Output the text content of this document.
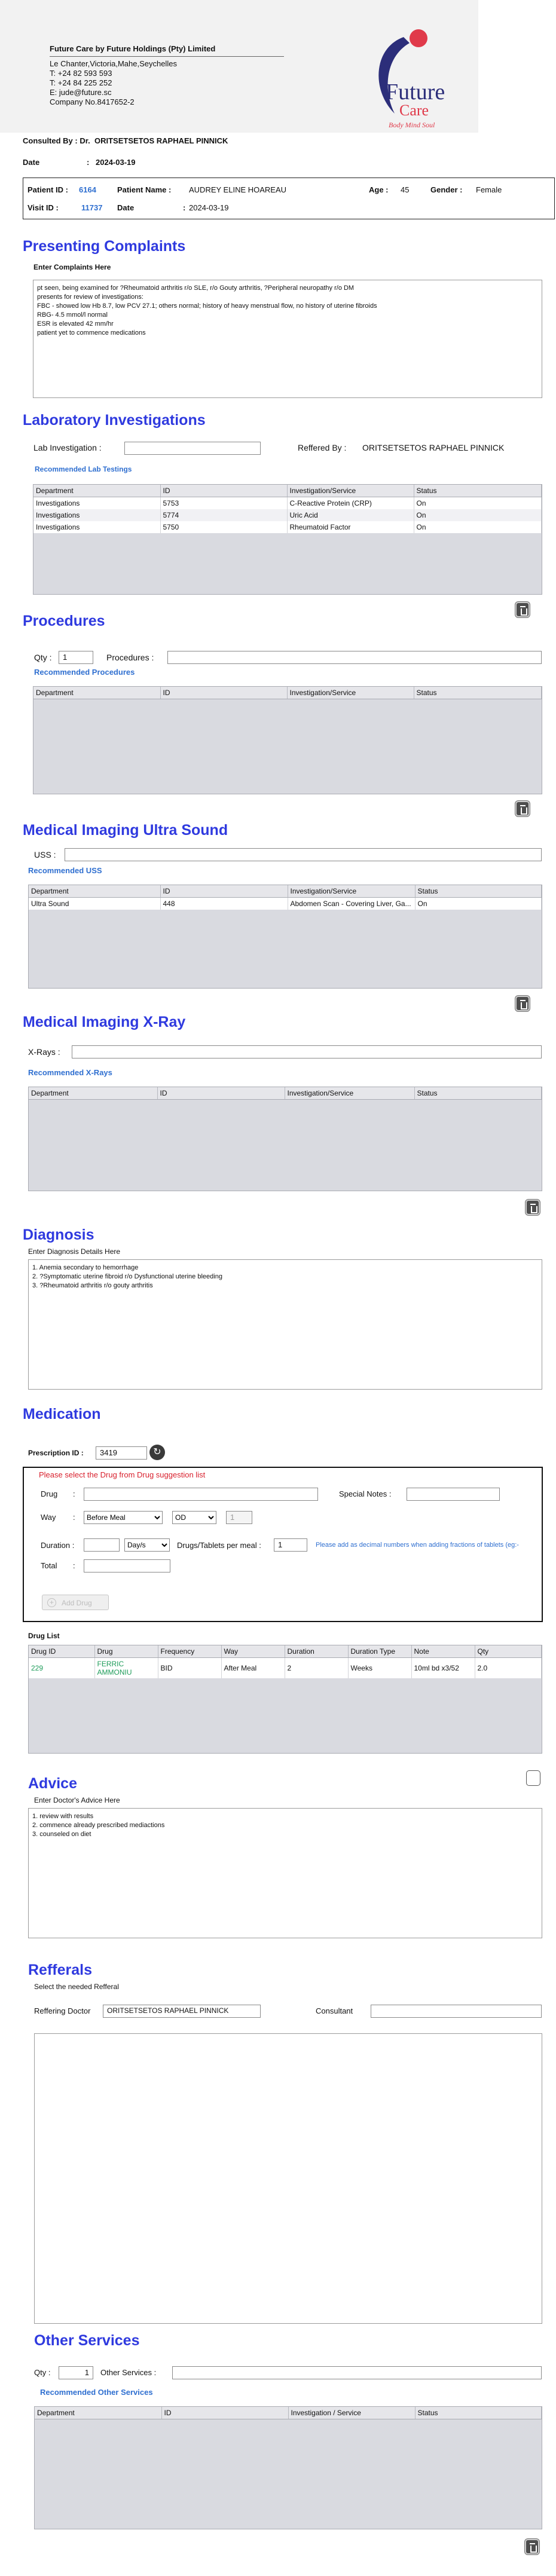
Future Care by Future Holdings (Pty) Limited
Le Chanter,Victoria,Mahe,Seychelles
T: +24 82 593 593
T: +24 84 225 252
E: jude@future.sc
Company No.8417652-2	Future
Care
Body Mind Soul
Consulted By : Dr. ORITSETSETOS RAPHAEL PINNICK
Date	: 2024-03-19
Patient ID : 6164	Patient Name : AUDREY ELINE HOAREAU	Age : 45	Gender : Female
Visit ID :	11737 Date	: 2024-03-19
Presenting Complaints
Enter Complaints Here
pt seen, being examined for ?Rheumatoid arthritis r/o SLE, r/o Gouty arthritis, ?Peripheral neuropathy r/o DM
presents for review of investigations:
FBC - showed low Hb 8.7, low PCV 27.1; others normal; history of heavy menstrual flow, no history of uterine fibroids
RBG- 4.5 mmol/l normal
ESR is elevated 42 mm/hr
patient yet to commence medications
Laboratory Investigations
Lab Investigation :	Reffered By : ORITSETSETOS RAPHAEL PINNICK
Recommended Lab Testings
Department	ID	Investigation/Service	Status
Investigations	5753	C-Reactive Protein (CRP)	On
Investigations	5774	Uric Acid	On
Investigations	5750	Rheumatoid Factor	On
Procedures
Qty :	1	Procedures :
Recommended Procedures
Department	ID	Investigation/Service	Status
Medical Imaging Ultra Sound
USS :
Recommended USS
Department	ID	Investigation/Service	Status
Ultra Sound	448	Abdomen Scan - Covering Liver, Ga...	On
Medical Imaging X-Ray
X-Rays :
Recommended X-Rays
Department	ID	Investigation/Service	Status
Diagnosis
Enter Diagnosis Details Here
1. Anemia secondary to hemorrhage
2. ?Symptomatic uterine fibroid r/o Dysfunctional uterine bleeding
3. ?Rheumatoid arthritis r/o gouty arthritis
Medication
Prescription ID :	3419	↻
Please select the Drug from Drug suggestion list
Drug :	Special Notes :
Way :
Before Meal
OD	1
Duration :
Day/s	Drugs/Tablets per meal :	1	Please add as decimal numbers when adding fractions of tablets (eg:-
Total :
+	Add Drug
Drug List
Drug ID	Drug	Frequency	Way	Duration	Duration Type	Note	Qty
229	FERRIC AMMONIU	BID	After Meal	2	Weeks	10ml bd x3/52	2.0
Advice
Enter Doctor's Advice Here
1. review with results
2. commence already prescribed mediactions
3. counseled on diet
Refferals
Select the needed Refferal
Reffering Doctor	ORITSETSETOS RAPHAEL PINNICK	Consultant
Other Services
Qty :	1	Other Services :
Recommended Other Services
Department	ID	Investigation / Service	Status
